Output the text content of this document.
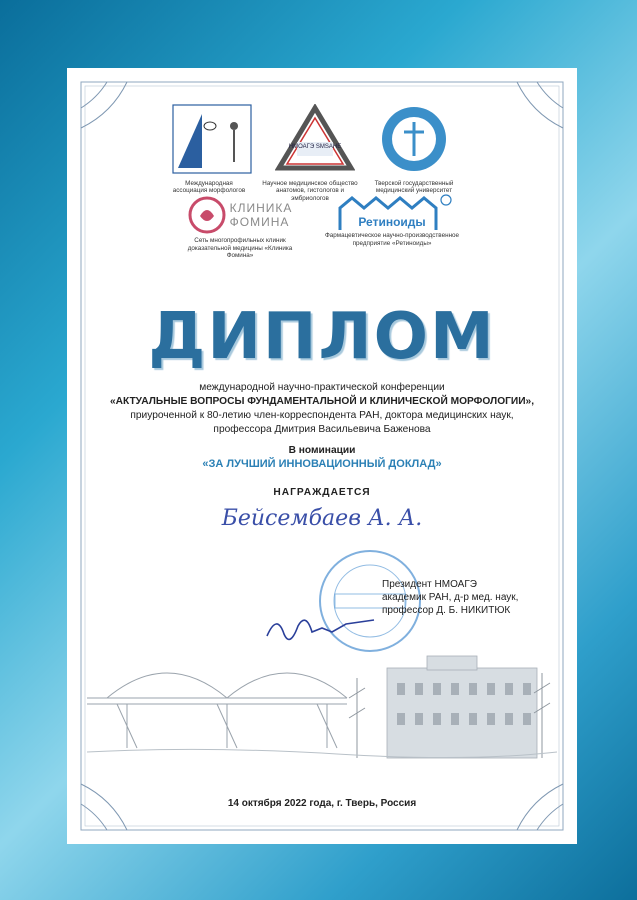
Международная ассоциация морфологов
НМОАГЭ SMSAHE
Научное медицинское общество анатомов, гистологов и эмбриологов
Тверской государственный медицинский университет
КЛИНИКА
ФОМИНА
Сеть многопрофильных клиник доказательной медицины «Клиника Фомина»
Ретиноиды
Фармацевтическое научно-производственное предприятие «Ретиноиды»
ДИПЛОМ
международной научно-практической конференции
«АКТУАЛЬНЫЕ ВОПРОСЫ ФУНДАМЕНТАЛЬНОЙ И КЛИНИЧЕСКОЙ МОРФОЛОГИИ»,
приуроченной к 80-летию член-корреспондента РАН, доктора медицинских наук,
профессора Дмитрия Васильевича Баженова
В номинации
«ЗА ЛУЧШИЙ ИННОВАЦИОННЫЙ ДОКЛАД»
НАГРАЖДАЕТСЯ
Бейсембаев А. А.
Президент НМОАГЭ
академик РАН, д-р мед. наук,
профессор Д. Б. НИКИТЮК
14 октября 2022 года, г. Тверь, Россия
